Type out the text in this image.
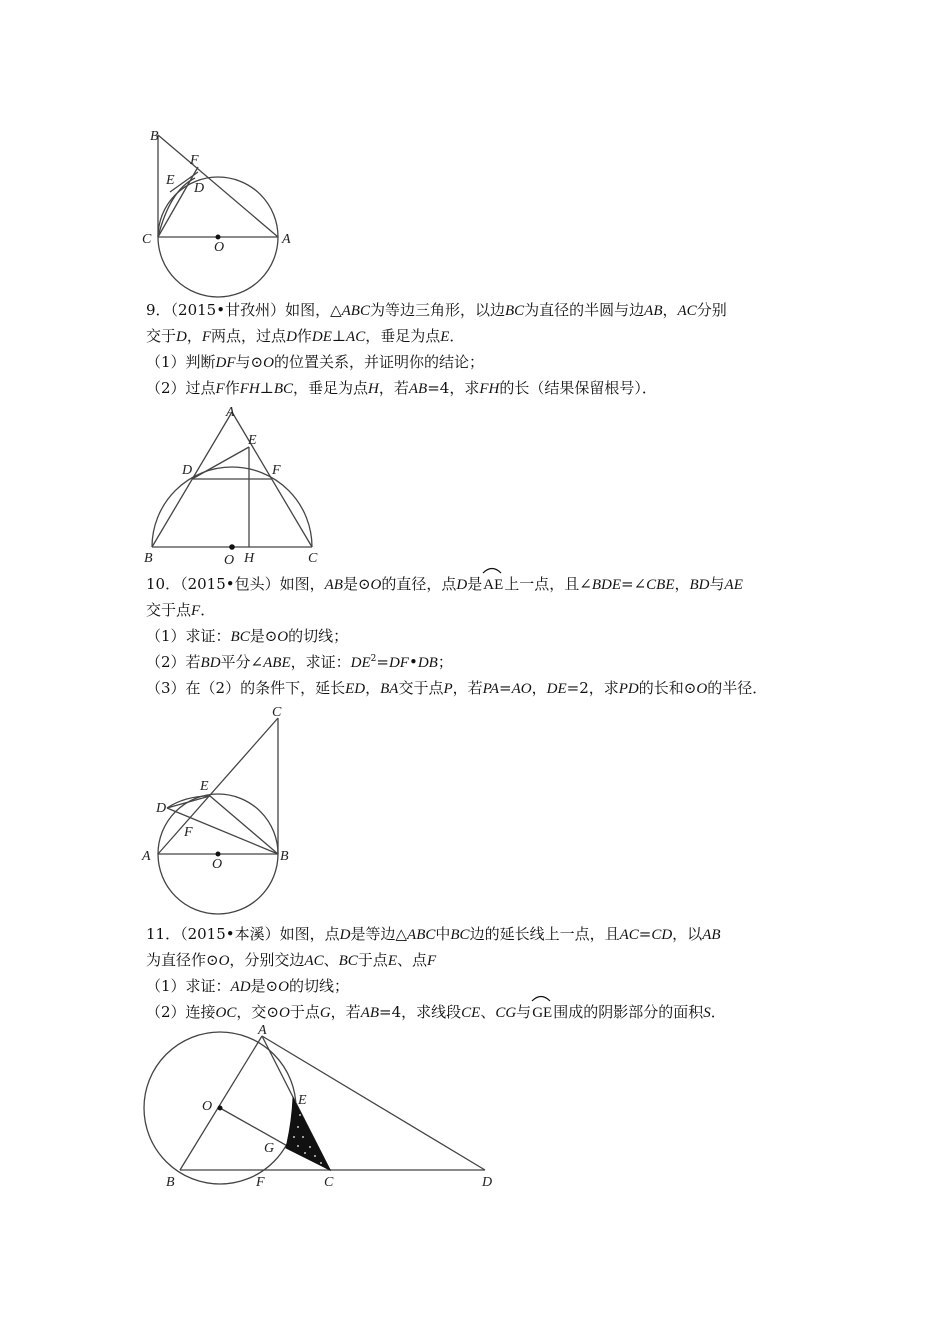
B
F
E
D
C
O
A
9．（2015•甘孜州）如图，△ABC为等边三角形，以边BC为直径的半圆与边AB，AC分别
交于D，F两点，过点D作DE⊥AC，垂足为点E．
（1）判断DF与⊙O的位置关系，并证明你的结论；
（2）过点F作FH⊥BC，垂足为点H，若AB=4，求FH的长（结果保留根号）．
A
E
D	F
B	O H	C
10．（2015•包头）如图，AB是⊙O的直径，点D是
AE上一点，且∠BDE=∠CBE，BD与AE
交于点F．
（1）求证：BC是⊙O的切线；
（2）若BD平分∠ABE，求证：$DE^2=DF•DB$；
（3）在（2）的条件下，延长ED，BA交于点P，若PA=AO，DE=2，求PD的长和⊙O的半径．
C
E
D
F
A
O
B
11．（2015•本溪）如图，点D是等边△ABC中BC边的延长线上一点，且AC=CD，以AB
为直径作⊙O，分别交边AC、BC于点E、点F
（1）求证：AD是⊙O的切线；
（2）连接OC，交⊙O于点G，若AB=4，求线段CE、CG与
GE围成的阴影部分的面积S．
A
O	E
G
B	F	C	D
